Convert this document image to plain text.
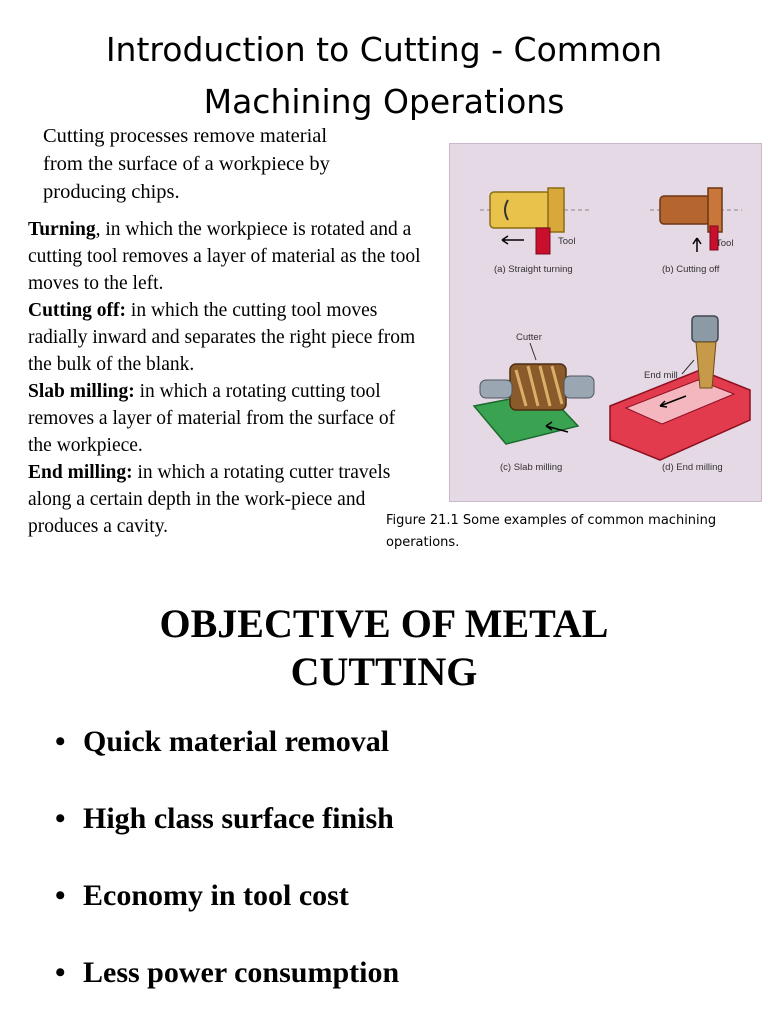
Introduction to Cutting - Common
Machining Operations

Cutting processes remove material
from the surface of a workpiece by
producing chips.

Turning, in which the workpiece is rotated and a cutting tool removes a layer of material as the tool moves to the left.

Cutting off: in which the cutting tool moves radially inward and separates the right piece from the bulk of the blank.

Slab milling: in which a rotating cutting tool removes a layer of material from the surface of the workpiece.

End milling: in which a rotating cutter travels along a certain depth in the work-piece and produces a cavity.

Tool
(a) Straight turning
Tool
(b) Cutting off
Cutter
(c) Slab milling
End mill
(d) End milling

Figure 21.1 Some examples of common machining
operations.

OBJECTIVE OF METAL
CUTTING
• Quick material removal
• High class surface finish
• Economy in tool cost
• Less power consumption
